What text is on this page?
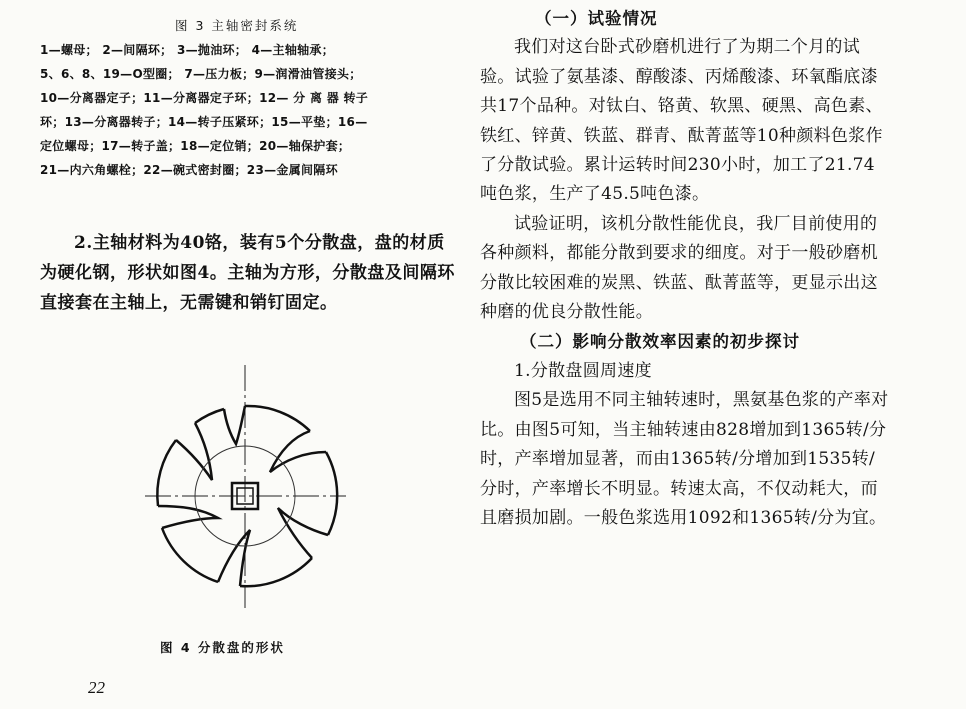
图 3 主轴密封系统
1—螺母； 2—间隔环； 3—抛油环； 4—主轴轴承；
5、6、8、19—O型圈； 7—压力板；9—润滑油管接头；
10—分离器定子；11—分离器定子环；12— 分 离 器 转子
环；13—分离器转子；14—转子压紧环；15—平垫；16—
定位螺母；17—转子盖；18—定位销；20—轴保护套；
21—内六角螺栓；22—碗式密封圈；23—金属间隔环

2.主轴材料为40铬，装有5个分散盘，盘的材质为硬化钢，形状如图4。主轴为方形，分散盘及间隔环直接套在主轴上，无需键和销钉固定。

图 4 分散盘的形状
22

（一）试验情况

我们对这台卧式砂磨机进行了为期二个月的试验。试验了氨基漆、醇酸漆、丙烯酸漆、环氧酯底漆共17个品种。对钛白、铬黄、软黑、硬黑、高色素、铁红、锌黄、铁蓝、群青、酞菁蓝等10种颜料色浆作了分散试验。累计运转时间230小时，加工了21.74吨色浆，生产了45.5吨色漆。

试验证明，该机分散性能优良，我厂目前使用的各种颜料，都能分散到要求的细度。对于一般砂磨机分散比较困难的炭黑、铁蓝、酞菁蓝等，更显示出这种磨的优良分散性能。

（二）影响分散效率因素的初步探讨

1.分散盘圆周速度

图5是选用不同主轴转速时，黑氨基色浆的产率对比。由图5可知，当主轴转速由828增加到1365转/分时，产率增加显著，而由1365转/分增加到1535转/分时，产率增长不明显。转速太高，不仅动耗大，而且磨损加剧。一般色浆选用1092和1365转/分为宜。
